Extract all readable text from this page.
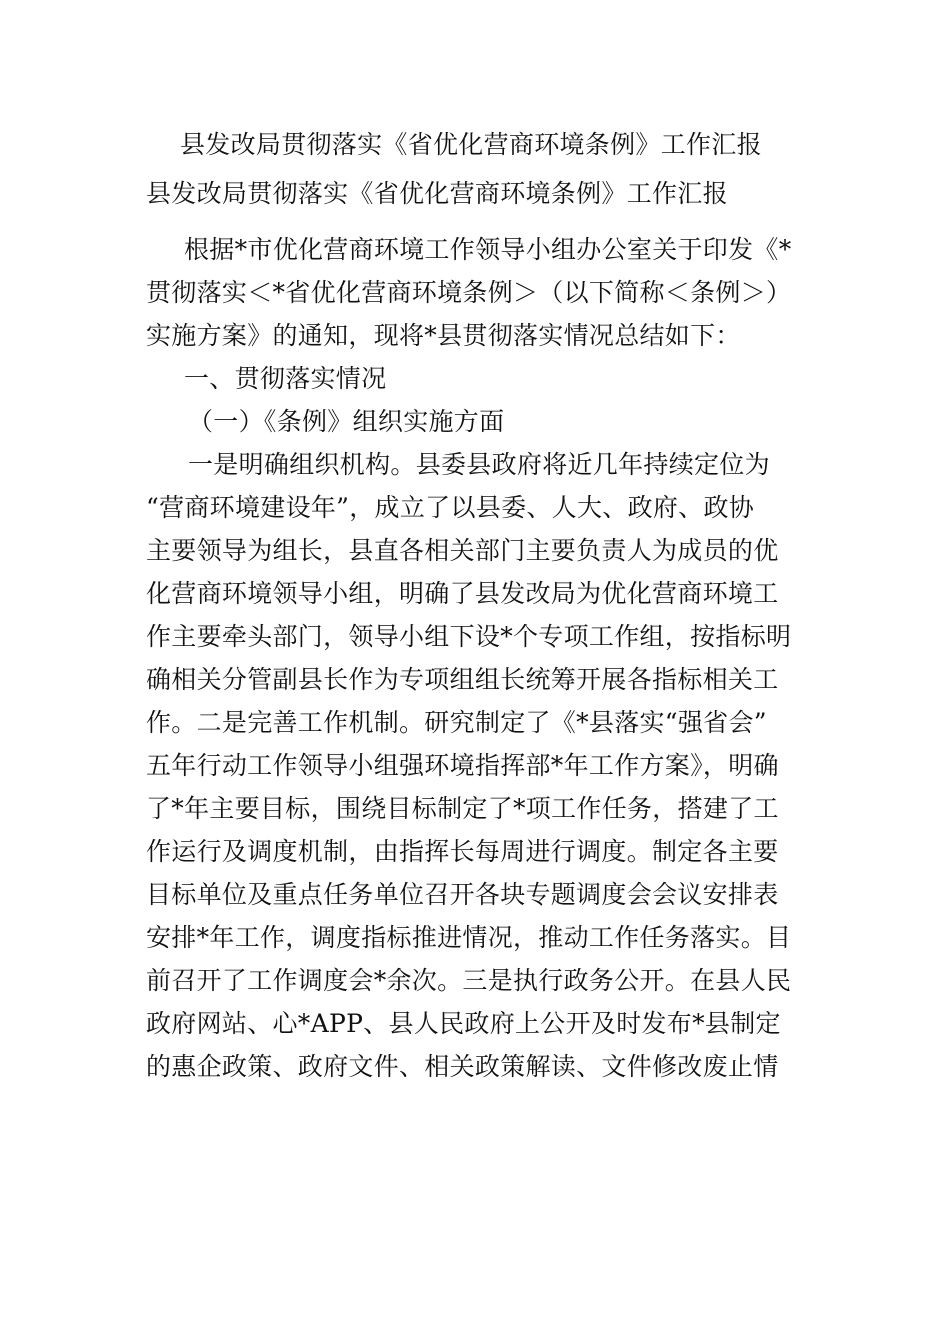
县发改局贯彻落实《省优化营商环境条例》工作汇报
县发改局贯彻落实《省优化营商环境条例》工作汇报
根据*市优化营商环境工作领导小组办公室关于印发《*
贯彻落实＜*省优化营商环境条例＞（以下简称＜条例＞）
实施方案》的通知，现将*县贯彻落实情况总结如下：
一、贯彻落实情况
（一）《条例》组织实施方面
一是明确组织机构。县委县政府将近几年持续定位为
“营商环境建设年”，成立了以县委、人大、政府、政协
主要领导为组长，县直各相关部门主要负责人为成员的优
化营商环境领导小组，明确了县发改局为优化营商环境工
作主要牵头部门，领导小组下设*个专项工作组，按指标明
确相关分管副县长作为专项组组长统筹开展各指标相关工
作。二是完善工作机制。研究制定了《*县落实“强省会”
五年行动工作领导小组强环境指挥部*年工作方案》，明确
了*年主要目标，围绕目标制定了*项工作任务，搭建了工
作运行及调度机制，由指挥长每周进行调度。制定各主要
目标单位及重点任务单位召开各块专题调度会会议安排表
安排*年工作，调度指标推进情况，推动工作任务落实。目
前召开了工作调度会*余次。三是执行政务公开。在县人民
政府网站、心*APP、县人民政府上公开及时发布*县制定
的惠企政策、政府文件、相关政策解读、文件修改废止情
